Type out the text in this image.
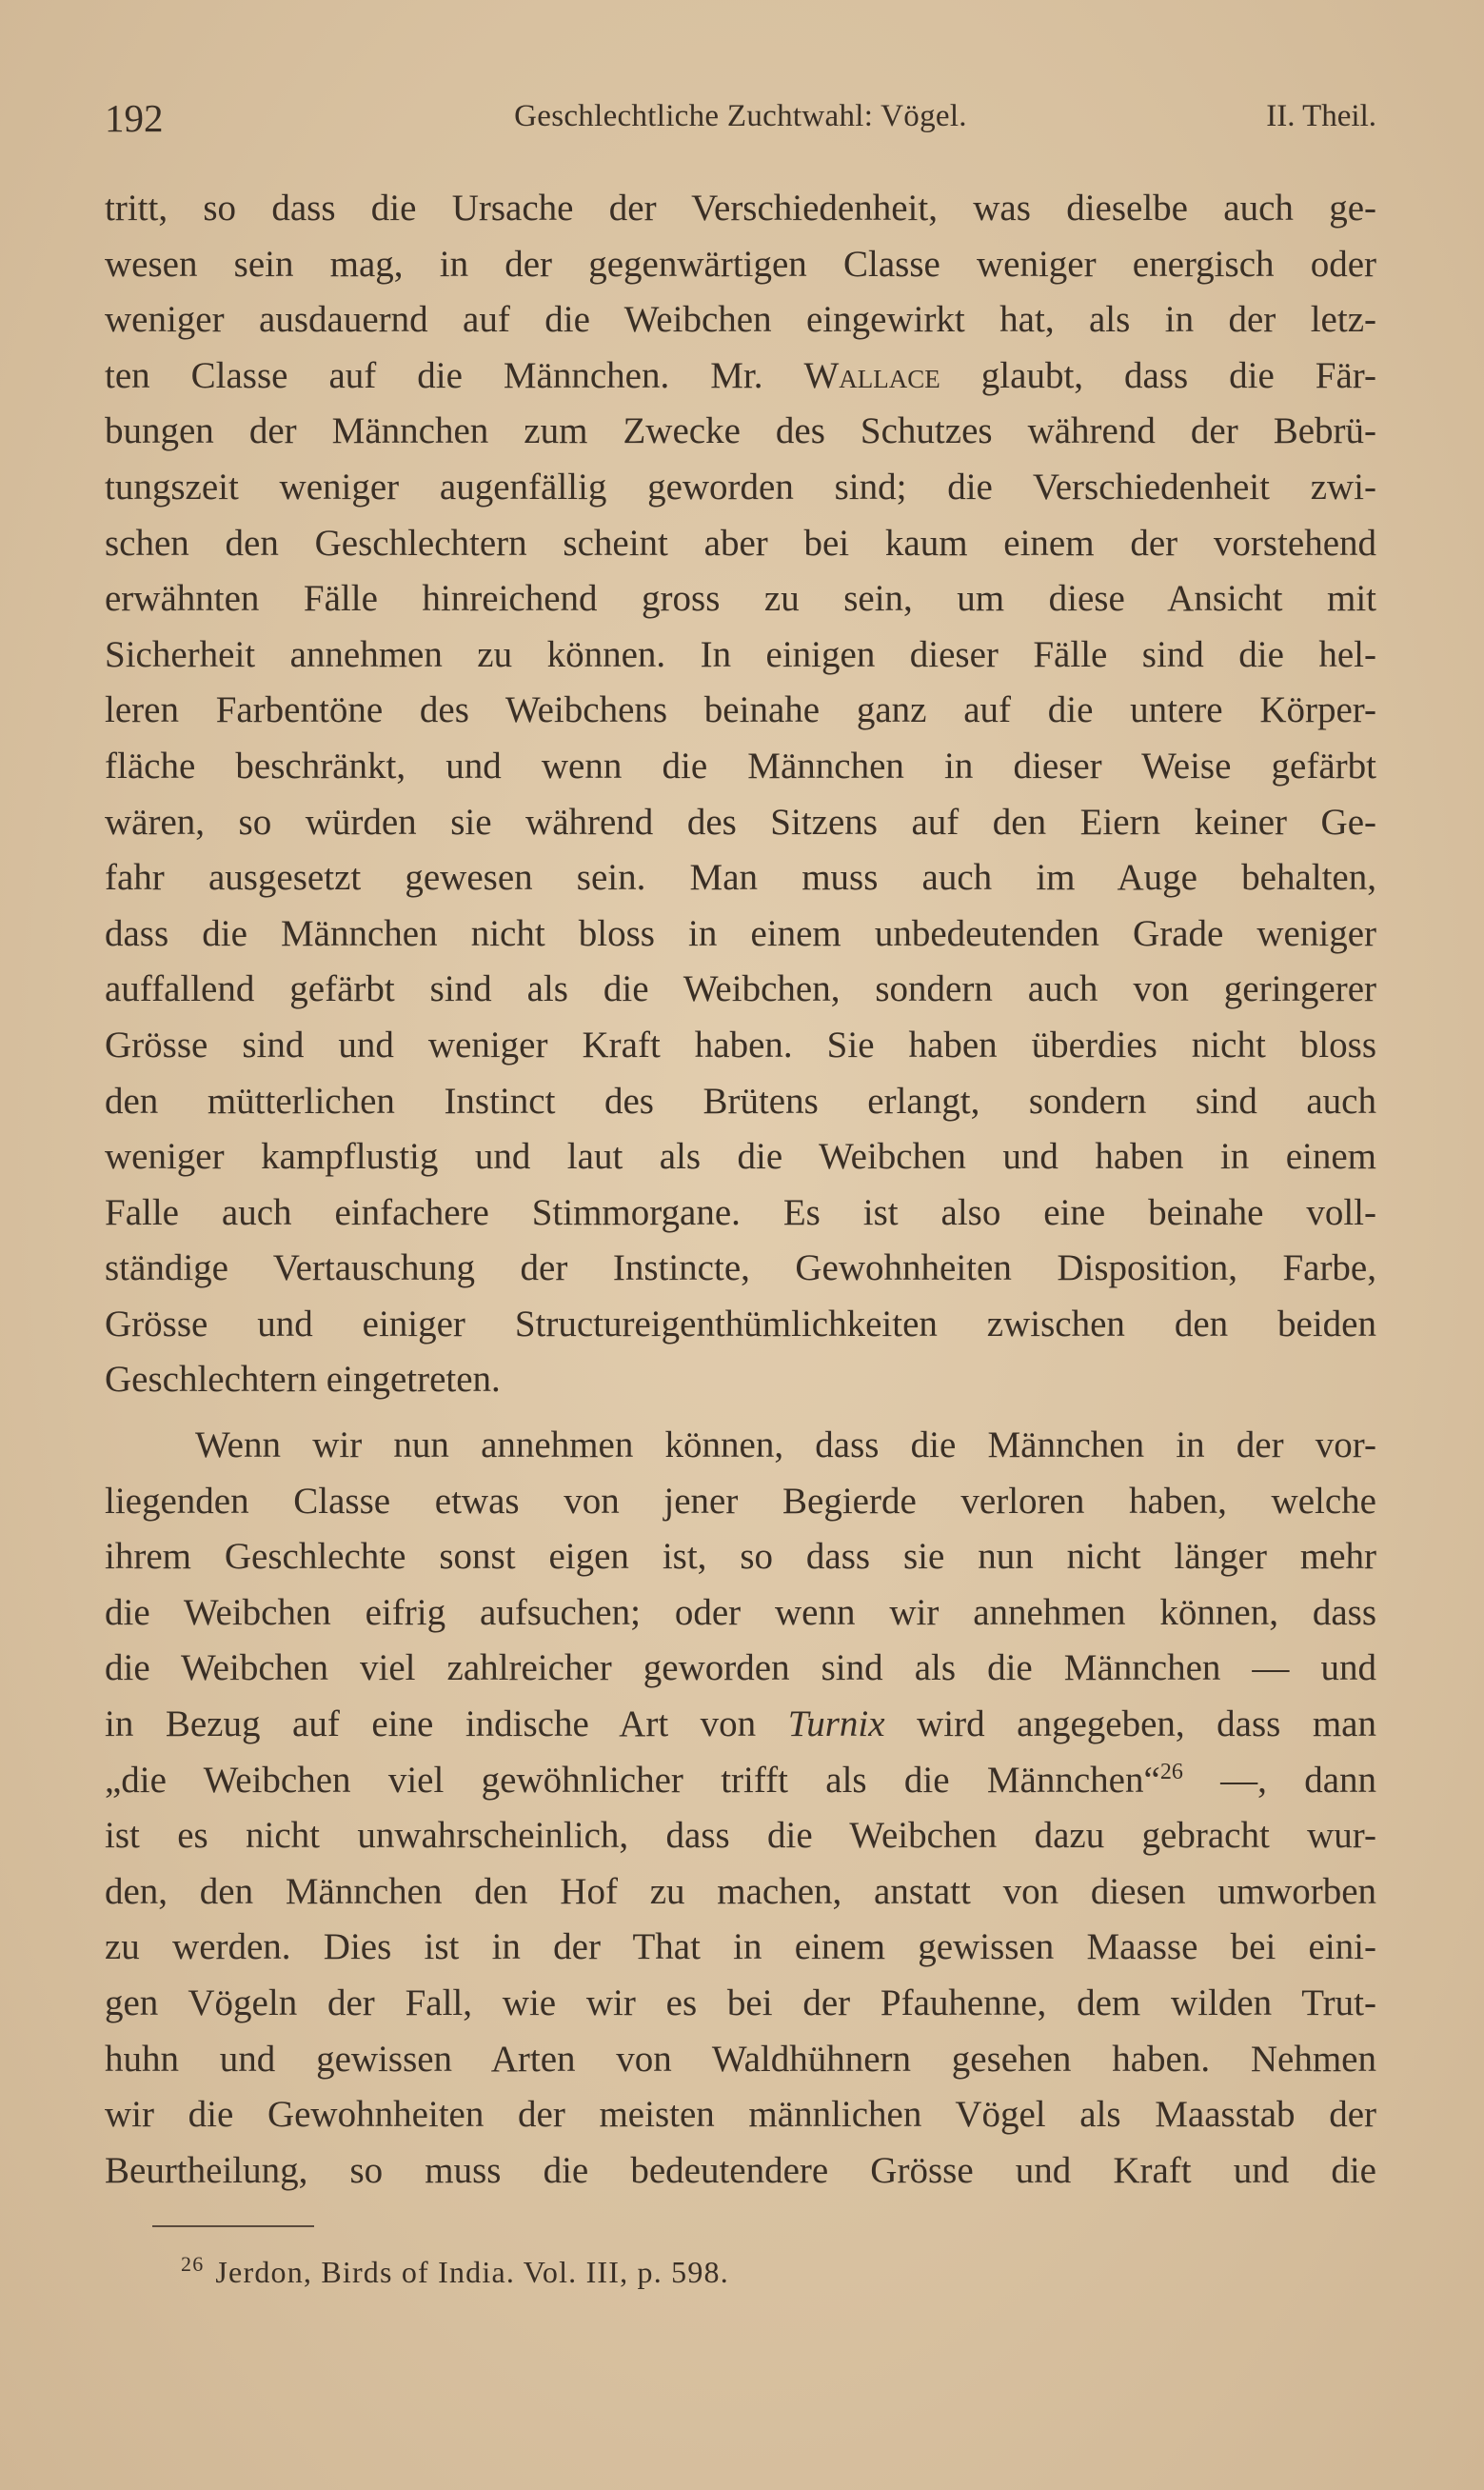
192	Geschlechtliche Zuchtwahl: Vögel.	II. Theil.
tritt, so dass die Ursache der Verschiedenheit, was dieselbe auch ge-
wesen sein mag, in der gegenwärtigen Classe weniger energisch oder
weniger ausdauernd auf die Weibchen eingewirkt hat, als in der letz-
ten Classe auf die Männchen. Mr. Wallace glaubt, dass die Fär-
bungen der Männchen zum Zwecke des Schutzes während der Bebrü-
tungszeit weniger augenfällig geworden sind; die Verschiedenheit zwi-
schen den Geschlechtern scheint aber bei kaum einem der vorstehend
erwähnten Fälle hinreichend gross zu sein, um diese Ansicht mit
Sicherheit annehmen zu können. In einigen dieser Fälle sind die hel-
leren Farbentöne des Weibchens beinahe ganz auf die untere Körper-
fläche beschränkt, und wenn die Männchen in dieser Weise gefärbt
wären, so würden sie während des Sitzens auf den Eiern keiner Ge-
fahr ausgesetzt gewesen sein. Man muss auch im Auge behalten,
dass die Männchen nicht bloss in einem unbedeutenden Grade weniger
auffallend gefärbt sind als die Weibchen, sondern auch von geringerer
Grösse sind und weniger Kraft haben. Sie haben überdies nicht bloss
den mütterlichen Instinct des Brütens erlangt, sondern sind auch
weniger kampflustig und laut als die Weibchen und haben in einem
Falle auch einfachere Stimmorgane. Es ist also eine beinahe voll-
ständige Vertauschung der Instincte, Gewohnheiten Disposition, Farbe,
Grösse und einiger Structureigenthümlichkeiten zwischen den beiden
Geschlechtern eingetreten.
Wenn wir nun annehmen können, dass die Männchen in der vor-
liegenden Classe etwas von jener Begierde verloren haben, welche
ihrem Geschlechte sonst eigen ist, so dass sie nun nicht länger mehr
die Weibchen eifrig aufsuchen; oder wenn wir annehmen können, dass
die Weibchen viel zahlreicher geworden sind als die Männchen — und
in Bezug auf eine indische Art von Turnix wird angegeben, dass man
„die Weibchen viel gewöhnlicher trifft als die Männchen“$^{26}$ —, dann
ist es nicht unwahrscheinlich, dass die Weibchen dazu gebracht wur-
den, den Männchen den Hof zu machen, anstatt von diesen umworben
zu werden. Dies ist in der That in einem gewissen Maasse bei eini-
gen Vögeln der Fall, wie wir es bei der Pfauhenne, dem wilden Trut-
huhn und gewissen Arten von Waldhühnern gesehen haben. Nehmen
wir die Gewohnheiten der meisten männlichen Vögel als Maasstab der
Beurtheilung, so muss die bedeutendere Grösse und Kraft und die
$^{26}$ Jerdon, Birds of India. Vol. III, p. 598.
